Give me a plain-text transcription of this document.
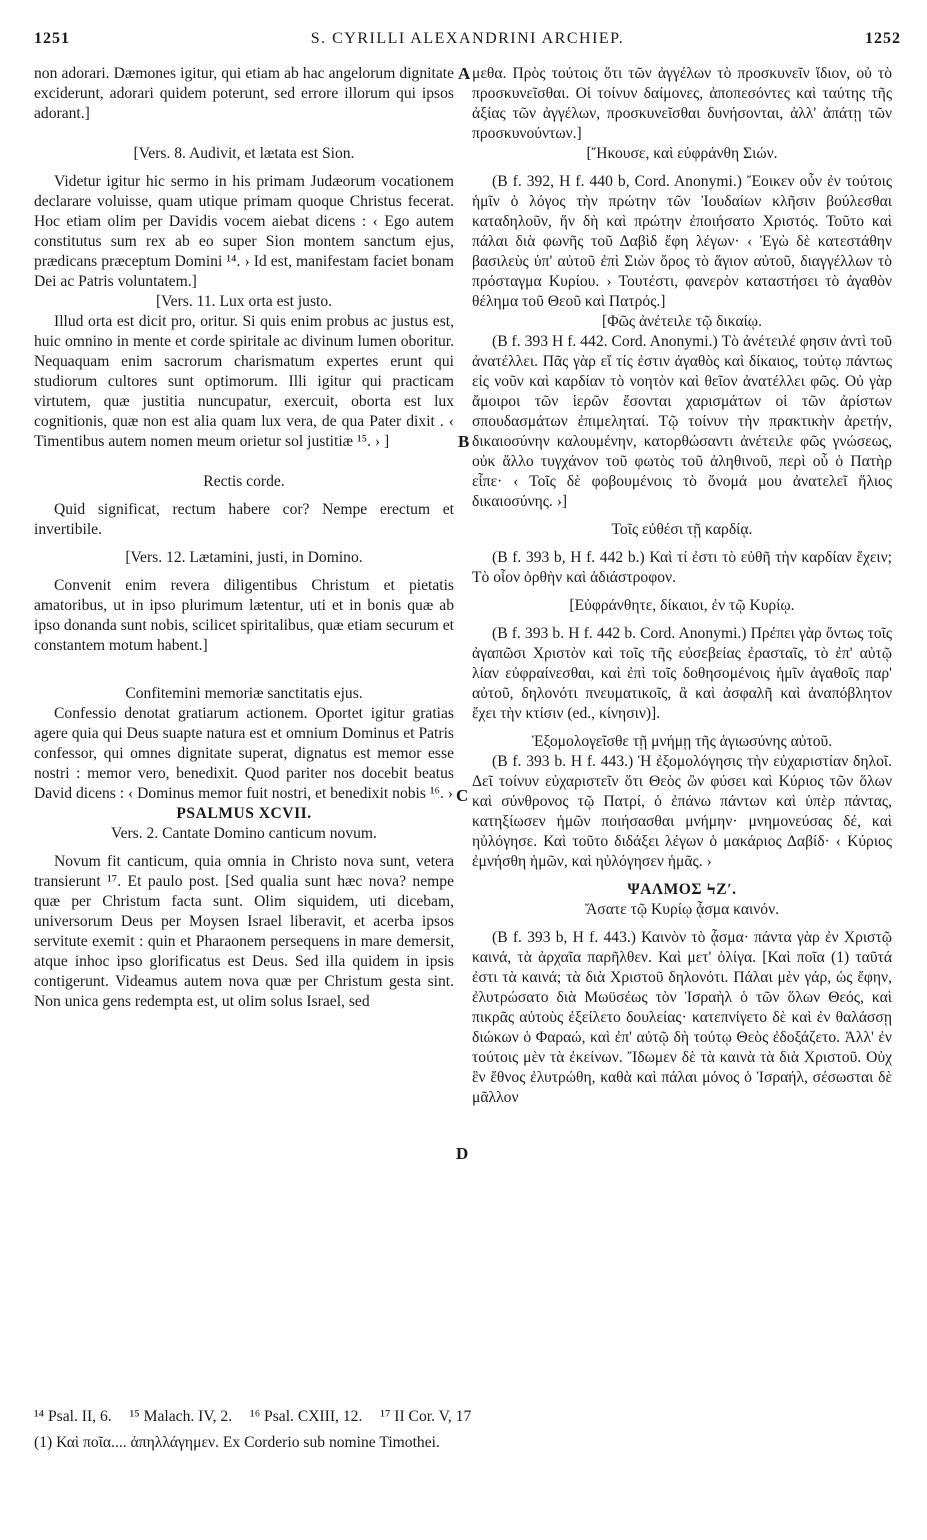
1251	S. CYRILLI ALEXANDRINI ARCHIEP.	1252

non adorari. Dæmones igitur, qui etiam ab hac angelorum dignitate exciderunt, adorari quidem poterunt, sed errore illorum qui ipsos adorant.]

[Vers. 8. Audivit, et lætata est Sion.

Videtur igitur hic sermo in his primam Judæorum vocationem declarare voluisse, quam utique primam quoque Christus fecerat. Hoc etiam olim per Davidis vocem aiebat dicens : ‹ Ego autem constitutus sum rex ab eo super Sion montem sanctum ejus, prædicans præceptum Domini ¹⁴. › Id est, manifestam faciet bonam Dei ac Patris voluntatem.]

[Vers. 11. Lux orta est justo.

Illud orta est dicit pro, oritur. Si quis enim probus ac justus est, huic omnino in mente et corde spiritale ac divinum lumen oboritur. Nequaquam enim sacrorum charismatum expertes erunt qui studiorum cultores sunt optimorum. Illi igitur qui practicam virtutem, quæ justitia nuncupatur, exercuit, oborta est lux cognitionis, quæ non est alia quam lux vera, de qua Pater dixit . ‹ Timentibus autem nomen meum orietur sol justitiæ ¹⁵. › ]

Rectis corde.

Quid significat, rectum habere cor? Nempe erectum et invertibile.

[Vers. 12. Lætamini, justi, in Domino.

Convenit enim revera diligentibus Christum et pietatis amatoribus, ut in ipso plurimum lætentur, uti et in bonis quæ ab ipso donanda sunt nobis, scilicet spiritalibus, quæ etiam securum et constantem motum habent.]

Confitemini memoriæ sanctitatis ejus.

Confessio denotat gratiarum actionem. Oportet igitur gratias agere quia qui Deus suapte natura est et omnium Dominus et Patris confessor, qui omnes dignitate superat, dignatus est memor esse nostri : memor vero, benedixit. Quod pariter nos docebit beatus David dicens : ‹ Dominus memor fuit nostri, et benedixit nobis ¹⁶. ›

PSALMUS XCVII.

Vers. 2. Cantate Domino canticum novum.

Novum fit canticum, quia omnia in Christo nova sunt, vetera transierunt ¹⁷. Et paulo post. [Sed qualia sunt hæc nova? nempe quæ per Christum facta sunt. Olim siquidem, uti dicebam, universorum Deus per Moysen Israel liberavit, et acerba ipsos servitute exemit : quin et Pharaonem persequens in mare demersit, atque inhoc ipso glorificatus est Deus. Sed illa quidem in ipsis contigerunt. Videamus autem nova quæ per Christum gesta sint. Non unica gens redempta est, ut olim solus Israel, sed

μεθα. Πρὸς τούτοις ὅτι τῶν ἀγγέλων τὸ προσκυνεῖν ἴδιον, οὐ τὸ προσκυνεῖσθαι. Οἱ τοίνυν δαίμονες, ἀποπεσόντες καὶ ταύτης τῆς ἀξίας τῶν ἀγγέλων, προσκυνεῖσθαι δυνήσονται, ἀλλ' ἀπάτῃ τῶν προσκυνούντων.]

[Ἤκουσε, καὶ εὐφράνθη Σιών.

(B f. 392, H f. 440 b, Cord. Anonymi.) Ἔοικεν οὖν ἐν τούτοις ἡμῖν ὁ λόγος τὴν πρώτην τῶν Ἰουδαίων κλῆσιν βούλεσθαι καταδηλοῦν, ἥν δὴ καὶ πρώτην ἐποιήσατο Χριστός. Τοῦτο καὶ πάλαι διὰ φωνῆς τοῦ Δαβὶδ ἔφη λέγων· ‹ Ἐγὼ δὲ κατεστάθην βασιλεὺς ὑπ' αὐτοῦ ἐπὶ Σιὼν ὄρος τὸ ἅγιον αὐτοῦ, διαγγέλλων τὸ πρόσταγμα Κυρίου. › Τουτέστι, φανερὸν καταστήσει τὸ ἀγαθὸν θέλημα τοῦ Θεοῦ καὶ Πατρός.]

[Φῶς ἀνέτειλε τῷ δικαίῳ.

(B f. 393 H f. 442. Cord. Anonymi.) Τὸ ἀνέτειλέ φησιν ἀντὶ τοῦ ἀνατέλλει. Πᾶς γὰρ εἴ τίς ἐστιν ἀγαθὸς καὶ δίκαιος, τούτῳ πάντως εἰς νοῦν καὶ καρδίαν τὸ νοητὸν καὶ θεῖον ἀνατέλλει φῶς. Οὐ γὰρ ἄμοιροι τῶν ἱερῶν ἔσονται χαρισμάτων οἱ τῶν ἀρίστων σπουδασμάτων ἐπιμεληταί. Τῷ τοίνυν τὴν πρακτικὴν ἀρετήν, δικαιοσύνην καλουμένην, κατορθώσαντι ἀνέτειλε φῶς γνώσεως, οὐκ ἄλλο τυγχάνον τοῦ φωτὸς τοῦ ἀληθινοῦ, περὶ οὗ ὁ Πατὴρ εἶπε· ‹ Τοῖς δὲ φοβουμένοις τὸ ὄνομά μου ἀνατελεῖ ἥλιος δικαιοσύνης. ›]

Τοῖς εὐθέσι τῇ καρδίᾳ.

(B f. 393 b, H f. 442 b.) Καὶ τί ἐστι τὸ εὐθῆ τὴν καρδίαν ἔχειν; Τὸ οἷον ὀρθὴν καὶ ἀδιάστροφον.

[Εὐφράνθητε, δίκαιοι, ἐν τῷ Κυρίῳ.

(B f. 393 b. H f. 442 b. Cord. Anonymi.) Πρέπει γὰρ ὄντως τοῖς ἀγαπῶσι Χριστὸν καὶ τοῖς τῆς εὐσεβείας ἐρασταῖς, τὸ ἐπ' αὐτῷ λίαν εὐφραίνεσθαι, καὶ ἐπὶ τοῖς δοθησομένοις ἡμῖν ἀγαθοῖς παρ' αὐτοῦ, δηλονότι πνευματικοῖς, ἃ καὶ ἀσφαλῆ καὶ ἀναπόβλητον ἔχει τὴν κτίσιν (ed., κίνησιν)].

Ἐξομολογεῖσθε τῇ μνήμῃ τῆς ἁγιωσύνης αὐτοῦ.

(B f. 393 b. H f. 443.) Ἡ ἐξομολόγησις τὴν εὐχαριστίαν δηλοῖ. Δεῖ τοίνυν εὐχαριστεῖν ὅτι Θεὸς ὢν φύσει καὶ Κύριος τῶν ὅλων καὶ σύνθρονος τῷ Πατρί, ὁ ἐπάνω πάντων καὶ ὑπὲρ πάντας, κατηξίωσεν ἡμῶν ποιήσασθαι μνήμην· μνημονεύσας δέ, καὶ ηὐλόγησε. Καὶ τοῦτο διδάξει λέγων ὁ μακάριος Δαβίδ· ‹ Κύριος ἐμνήσθη ἡμῶν, καὶ ηὐλόγησεν ἡμᾶς. ›

ΨΑΛΜΟΣ ϞΖʹ.

Ἄσατε τῷ Κυρίῳ ᾆσμα καινόν.

(B f. 393 b, H f. 443.) Καινὸν τὸ ᾆσμα· πάντα γὰρ ἐν Χριστῷ καινά, τὰ ἀρχαῖα παρῆλθεν. Καὶ μετ' ὀλίγα. [Καὶ ποῖα (1) ταῦτά ἐστι τὰ καινά; τὰ διὰ Χριστοῦ δηλονότι. Πάλαι μὲν γάρ, ὡς ἔφην, ἐλυτρώσατο διὰ Μωϋσέως τὸν Ἰσραὴλ ὁ τῶν ὅλων Θεός, καὶ πικρᾶς αὐτοὺς ἐξείλετο δουλείας· κατεπνίγετο δὲ καὶ ἐν θαλάσσῃ διώκων ὁ Φαραώ, καὶ ἐπ' αὐτῷ δὴ τούτῳ Θεὸς ἐδοξάζετο. Ἀλλ' ἐν τούτοις μὲν τὰ ἐκείνων. Ἴδωμεν δὲ τὰ καινὰ τὰ διὰ Χριστοῦ. Οὐχ ἓν ἔθνος ἐλυτρώθη, καθὰ καὶ πάλαι μόνος ὁ Ἰσραήλ, σέσωσται δὲ μᾶλλον

A
B
C
D
¹⁴ Psal. II, 6. ¹⁵ Malach. IV, 2. ¹⁶ Psal. CXIII, 12. ¹⁷ II Cor. V, 17
(1) Καὶ ποῖα.... ἀπηλλάγημεν. Ex Corderio sub nomine Timothei.
